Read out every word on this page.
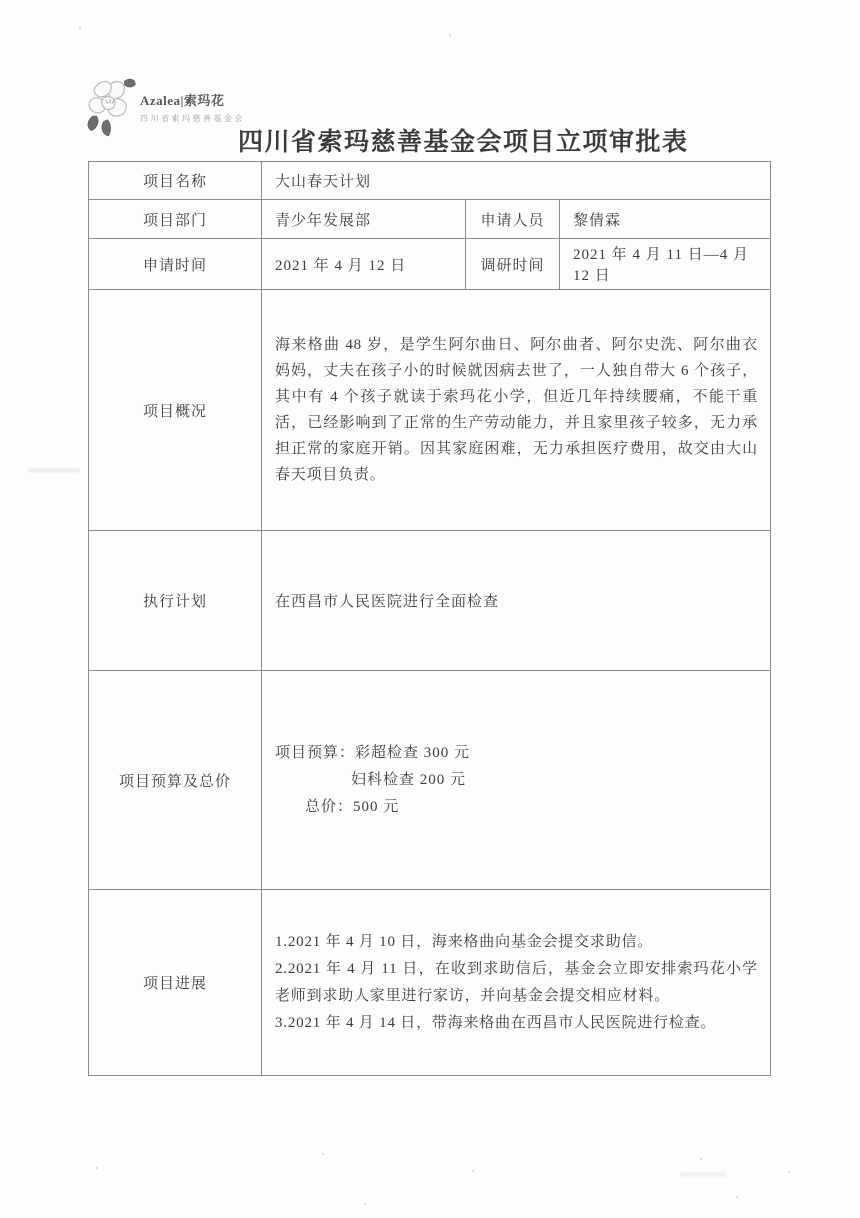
Azalea|索玛花
四川省索玛慈善基金会
四川省索玛慈善基金会项目立项审批表
项目名称	大山春天计划		
项目部门	青少年发展部	申请人员	黎倩霖
申请时间	2021 年 4 月 12 日	调研时间	2021 年 4 月 11 日—4 月 12 日
项目概况	海来格曲 48 岁，是学生阿尔曲日、阿尔曲者、阿尔史洗、阿尔曲衣妈妈，丈夫在孩子小的时候就因病去世了，一人独自带大 6 个孩子，其中有 4 个孩子就读于索玛花小学，但近几年持续腰痛，不能干重活，已经影响到了正常的生产劳动能力，并且家里孩子较多，无力承担正常的家庭开销。因其家庭困难，无力承担医疗费用，故交由大山春天项目负责。		

执行计划	在西昌市人民医院进行全面检查		
项目预算及总价	项目预算：彩超检查 300 元

妇科检查 200 元

总价：500 元		

项目进展	1.2021 年 4 月 10 日，海来格曲向基金会提交求助信。

2.2021 年 4 月 11 日，在收到求助信后，基金会立即安排索玛花小学老师到求助人家里进行家访，并向基金会提交相应材料。

3.2021 年 4 月 14 日，带海来格曲在西昌市人民医院进行检查。		
